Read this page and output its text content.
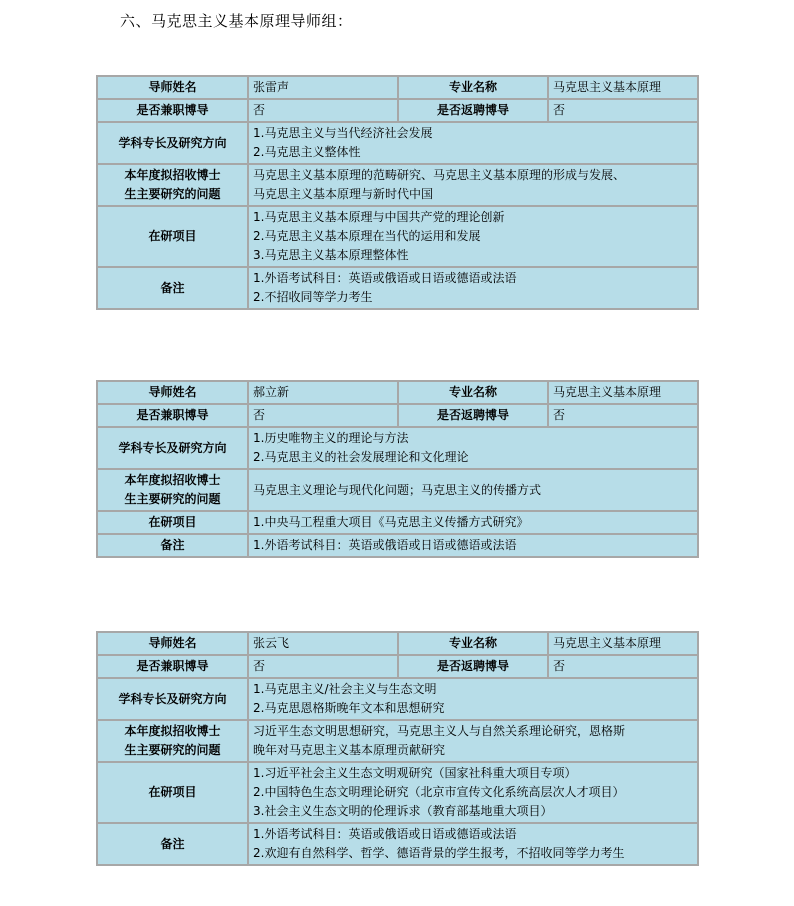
六、马克思主义基本原理导师组：
导师姓名	张雷声	专业名称	马克思主义基本原理

是否兼职博导	否	是否返聘博导	否

学科专长及研究方向	1.马克思主义与当代经济社会发展
2.马克思主义整体性		

本年度拟招收博士
生主要研究的问题	马克思主义基本原理的范畴研究、马克思主义基本原理的形成与发展、
马克思主义基本原理与新时代中国		

在研项目	1.马克思主义基本原理与中国共产党的理论创新
2.马克思主义基本原理在当代的运用和发展
3.马克思主义基本原理整体性		

备注	1.外语考试科目：英语或俄语或日语或德语或法语
2.不招收同等学力考生		
导师姓名	郝立新	专业名称	马克思主义基本原理

是否兼职博导	否	是否返聘博导	否

学科专长及研究方向	1.历史唯物主义的理论与方法
2.马克思主义的社会发展理论和文化理论		

本年度拟招收博士
生主要研究的问题	马克思主义理论与现代化问题；马克思主义的传播方式		

在研项目	1.中央马工程重大项目《马克思主义传播方式研究》		

备注	1.外语考试科目：英语或俄语或日语或德语或法语		
导师姓名	张云飞	专业名称	马克思主义基本原理

是否兼职博导	否	是否返聘博导	否

学科专长及研究方向	1.马克思主义/社会主义与生态文明
2.马克思恩格斯晚年文本和思想研究		

本年度拟招收博士
生主要研究的问题	习近平生态文明思想研究，马克思主义人与自然关系理论研究，恩格斯
晚年对马克思主义基本原理贡献研究		

在研项目	1.习近平社会主义生态文明观研究（国家社科重大项目专项）
2.中国特色生态文明理论研究（北京市宣传文化系统高层次人才项目）
3.社会主义生态文明的伦理诉求（教育部基地重大项目）		

备注	1.外语考试科目：英语或俄语或日语或德语或法语
2.欢迎有自然科学、哲学、德语背景的学生报考，不招收同等学力考生		
